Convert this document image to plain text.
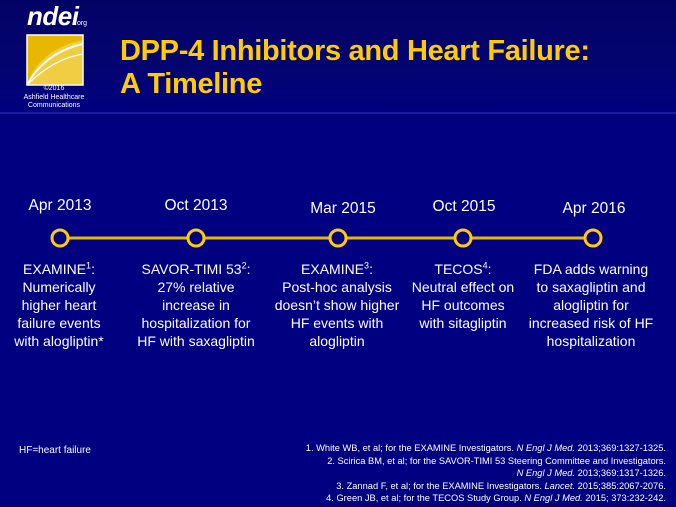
ndei
.org
©2016
Ashfield Healthcare
Communications
DPP-4 Inhibitors and Heart Failure:
A Timeline
Apr 2013	Oct 2013	Mar 2015	Oct 2015	Apr 2016
EXAMINE$^1$:
Numerically
higher heart
failure events
with alogliptin*
SAVOR-TIMI $53^2$:
27% relative
increase in
hospitalization for
HF with saxagliptin
EXAMINE$^3$:
Post-hoc analysis
doesn’t show higher
HF events with
alogliptin
TECOS$^4$:
Neutral effect on
HF outcomes
with sitagliptin
FDA adds warning
to saxagliptin and
alogliptin for
increased risk of HF
hospitalization
HF=heart failure	1. White WB, et al; for the EXAMINE Investigators. N Engl J Med. 2013;369:1327-1325.
2. Scirica BM, et al; for the SAVOR-TIMI 53 Steering Committee and Investigators.
N Engl J Med. 2013;369:1317-1326.
3. Zannad F, et al; for the EXAMINE Investigators. Lancet. 2015;385:2067-2076.
4. Green JB, et al; for the TECOS Study Group. N Engl J Med. 2015; 373:232-242.
